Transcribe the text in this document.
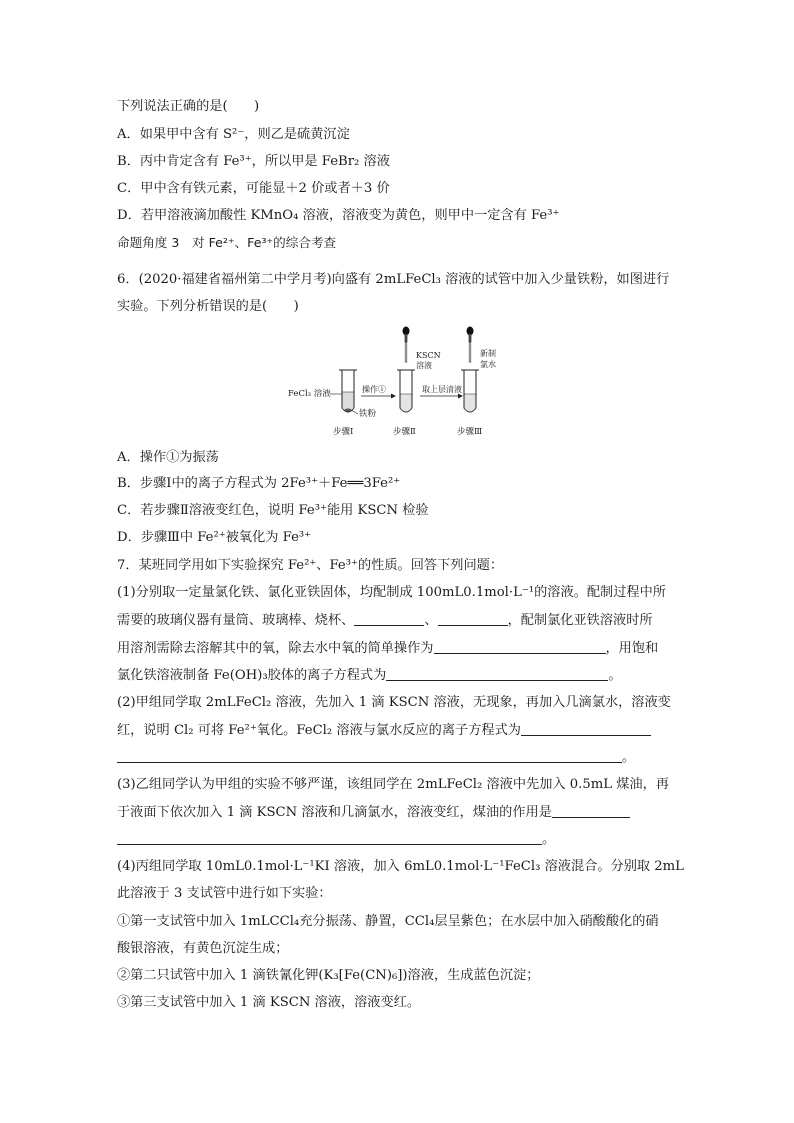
下列说法正确的是(　　)
A．如果甲中含有 S²⁻，则乙是硫黄沉淀
B．丙中肯定含有 Fe³⁺，所以甲是 FeBr₂ 溶液
C．甲中含有铁元素，可能显＋2 价或者＋3 价
D．若甲溶液滴加酸性 KMnO₄ 溶液，溶液变为黄色，则甲中一定含有 Fe³⁺
命题角度 3　对 Fe²⁺、Fe³⁺的综合考查
6．(2020·福建省福州第二中学月考)向盛有 2mLFeCl₃ 溶液的试管中加入少量铁粉，如图进行
实验。下列分析错误的是(　　)
FeCl₃ 溶液
铁粉
操作①
KSCN
溶液
取上层清液
新制
氯水
步骤Ⅰ	步骤Ⅱ	步骤Ⅲ
A．操作①为振荡
B．步骤Ⅰ中的离子方程式为 2Fe³⁺＋Fe══3Fe²⁺
C．若步骤Ⅱ溶液变红色，说明 Fe³⁺能用 KSCN 检验
D．步骤Ⅲ中 Fe²⁺被氧化为 Fe³⁺
7．某班同学用如下实验探究 Fe²⁺、Fe³⁺的性质。回答下列问题：
(1)分别取一定量氯化铁、氯化亚铁固体，均配制成 100mL0.1mol·L⁻¹的溶液。配制过程中所
需要的玻璃仪器有量筒、玻璃棒、烧杯、	、	，配制氯化亚铁溶液时所
用溶剂需除去溶解其中的氧，除去水中氧的简单操作为	，用饱和
氯化铁溶液制备 Fe(OH)₃胶体的离子方程式为	。
(2)甲组同学取 2mLFeCl₂ 溶液，先加入 1 滴 KSCN 溶液，无现象，再加入几滴氯水，溶液变
红，说明 Cl₂ 可将 Fe²⁺氧化。FeCl₂ 溶液与氯水反应的离子方程式为
。
(3)乙组同学认为甲组的实验不够严谨，该组同学在 2mLFeCl₂ 溶液中先加入 0.5mL 煤油，再
于液面下依次加入 1 滴 KSCN 溶液和几滴氯水，溶液变红，煤油的作用是
。
(4)丙组同学取 10mL0.1mol·L⁻¹KI 溶液，加入 6mL0.1mol·L⁻¹FeCl₃ 溶液混合。分别取 2mL
此溶液于 3 支试管中进行如下实验：
①第一支试管中加入 1mLCCl₄充分振荡、静置，CCl₄层呈紫色；在水层中加入硝酸酸化的硝
酸银溶液，有黄色沉淀生成；
②第二只试管中加入 1 滴铁氰化钾(K₃[Fe(CN)₆])溶液，生成蓝色沉淀；
③第三支试管中加入 1 滴 KSCN 溶液，溶液变红。
